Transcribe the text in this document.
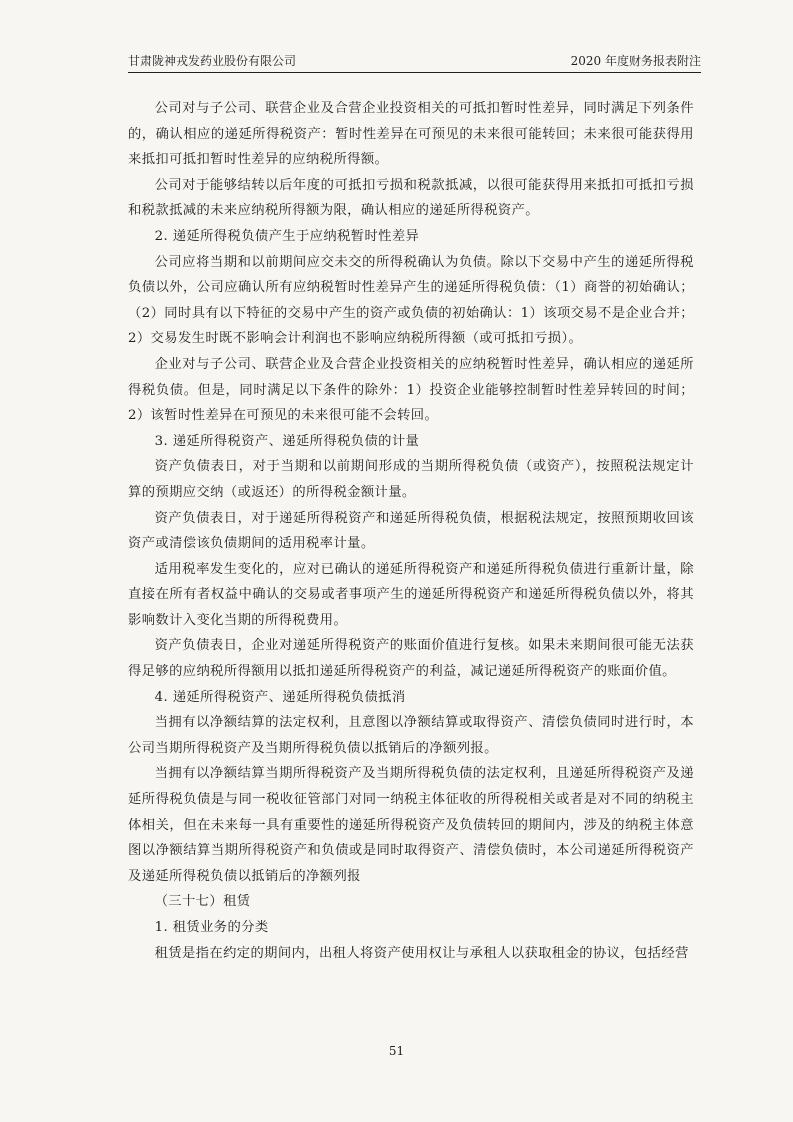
甘肃陇神戎发药业股份有限公司	2020 年度财务报表附注

公司对与子公司、联营企业及合营企业投资相关的可抵扣暂时性差异，同时满足下列条件的，确认相应的递延所得税资产：暂时性差异在可预见的未来很可能转回；未来很可能获得用来抵扣可抵扣暂时性差异的应纳税所得额。

公司对于能够结转以后年度的可抵扣亏损和税款抵减，以很可能获得用来抵扣可抵扣亏损和税款抵减的未来应纳税所得额为限，确认相应的递延所得税资产。

2. 递延所得税负债产生于应纳税暂时性差异

公司应将当期和以前期间应交未交的所得税确认为负债。除以下交易中产生的递延所得税负债以外，公司应确认所有应纳税暂时性差异产生的递延所得税负债：（1）商誉的初始确认；（2）同时具有以下特征的交易中产生的资产或负债的初始确认：1）该项交易不是企业合并；2）交易发生时既不影响会计利润也不影响应纳税所得额（或可抵扣亏损）。

企业对与子公司、联营企业及合营企业投资相关的应纳税暂时性差异，确认相应的递延所得税负债。但是，同时满足以下条件的除外：1）投资企业能够控制暂时性差异转回的时间；2）该暂时性差异在可预见的未来很可能不会转回。

3. 递延所得税资产、递延所得税负债的计量

资产负债表日，对于当期和以前期间形成的当期所得税负债（或资产），按照税法规定计算的预期应交纳（或返还）的所得税金额计量。

资产负债表日，对于递延所得税资产和递延所得税负债，根据税法规定，按照预期收回该资产或清偿该负债期间的适用税率计量。

适用税率发生变化的，应对已确认的递延所得税资产和递延所得税负债进行重新计量，除直接在所有者权益中确认的交易或者事项产生的递延所得税资产和递延所得税负债以外，将其影响数计入变化当期的所得税费用。

资产负债表日，企业对递延所得税资产的账面价值进行复核。如果未来期间很可能无法获得足够的应纳税所得额用以抵扣递延所得税资产的利益，减记递延所得税资产的账面价值。

4. 递延所得税资产、递延所得税负债抵消

当拥有以净额结算的法定权利，且意图以净额结算或取得资产、清偿负债同时进行时，本公司当期所得税资产及当期所得税负债以抵销后的净额列报。

当拥有以净额结算当期所得税资产及当期所得税负债的法定权利，且递延所得税资产及递延所得税负债是与同一税收征管部门对同一纳税主体征收的所得税相关或者是对不同的纳税主体相关，但在未来每一具有重要性的递延所得税资产及负债转回的期间内，涉及的纳税主体意图以净额结算当期所得税资产和负债或是同时取得资产、清偿负债时，本公司递延所得税资产及递延所得税负债以抵销后的净额列报

（三十七）租赁

1. 租赁业务的分类

租赁是指在约定的期间内，出租人将资产使用权让与承租人以获取租金的协议，包括经营

51
